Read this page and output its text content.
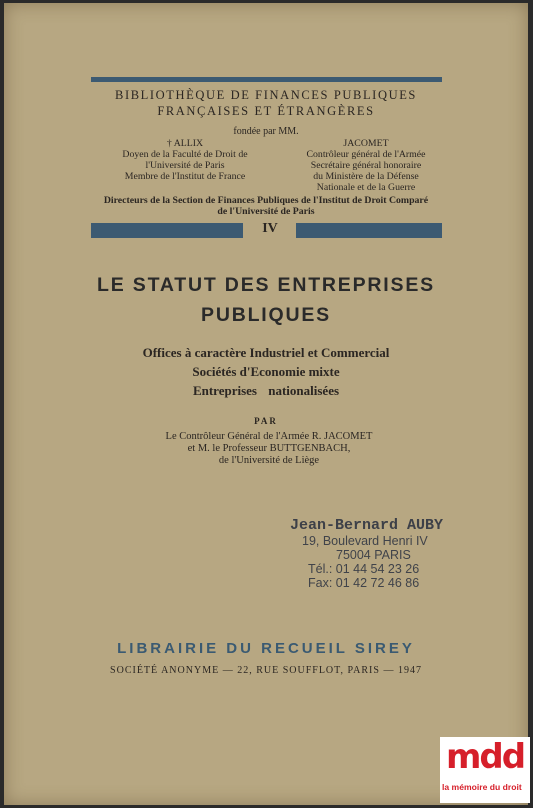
BIBLIOTHÈQUE DE FINANCES PUBLIQUES
FRANÇAISES ET ÉTRANGÈRES
fondée par MM.
† ALLIX
Doyen de la Faculté de Droit de
l'Université de Paris
Membre de l'Institut de France
JACOMET
Contrôleur général de l'Armée
Secrétaire général honoraire
du Ministère de la Défense
Nationale et de la Guerre
Directeurs de la Section de Finances Publiques de l'Institut de Droit Comparé
de l'Université de Paris
IV
LE STATUT DES ENTREPRISES
PUBLIQUES
Offices à caractère Industriel et Commercial
Sociétés d'Economie mixte
Entreprises nationalisées
PAR
Le Contrôleur Général de l'Armée R. JACOMET
et M. le Professeur BUTTGENBACH,
de l'Université de Liège
Jean-Bernard AUBY
19, Boulevard Henri IV
75004 PARIS
Tél.: 01 44 54 23 26
Fax: 01 42 72 46 86
LIBRAIRIE DU RECUEIL SIREY
SOCIÉTÉ ANONYME — 22, RUE SOUFFLOT, PARIS — 1947
mdd
la mémoire du droit
